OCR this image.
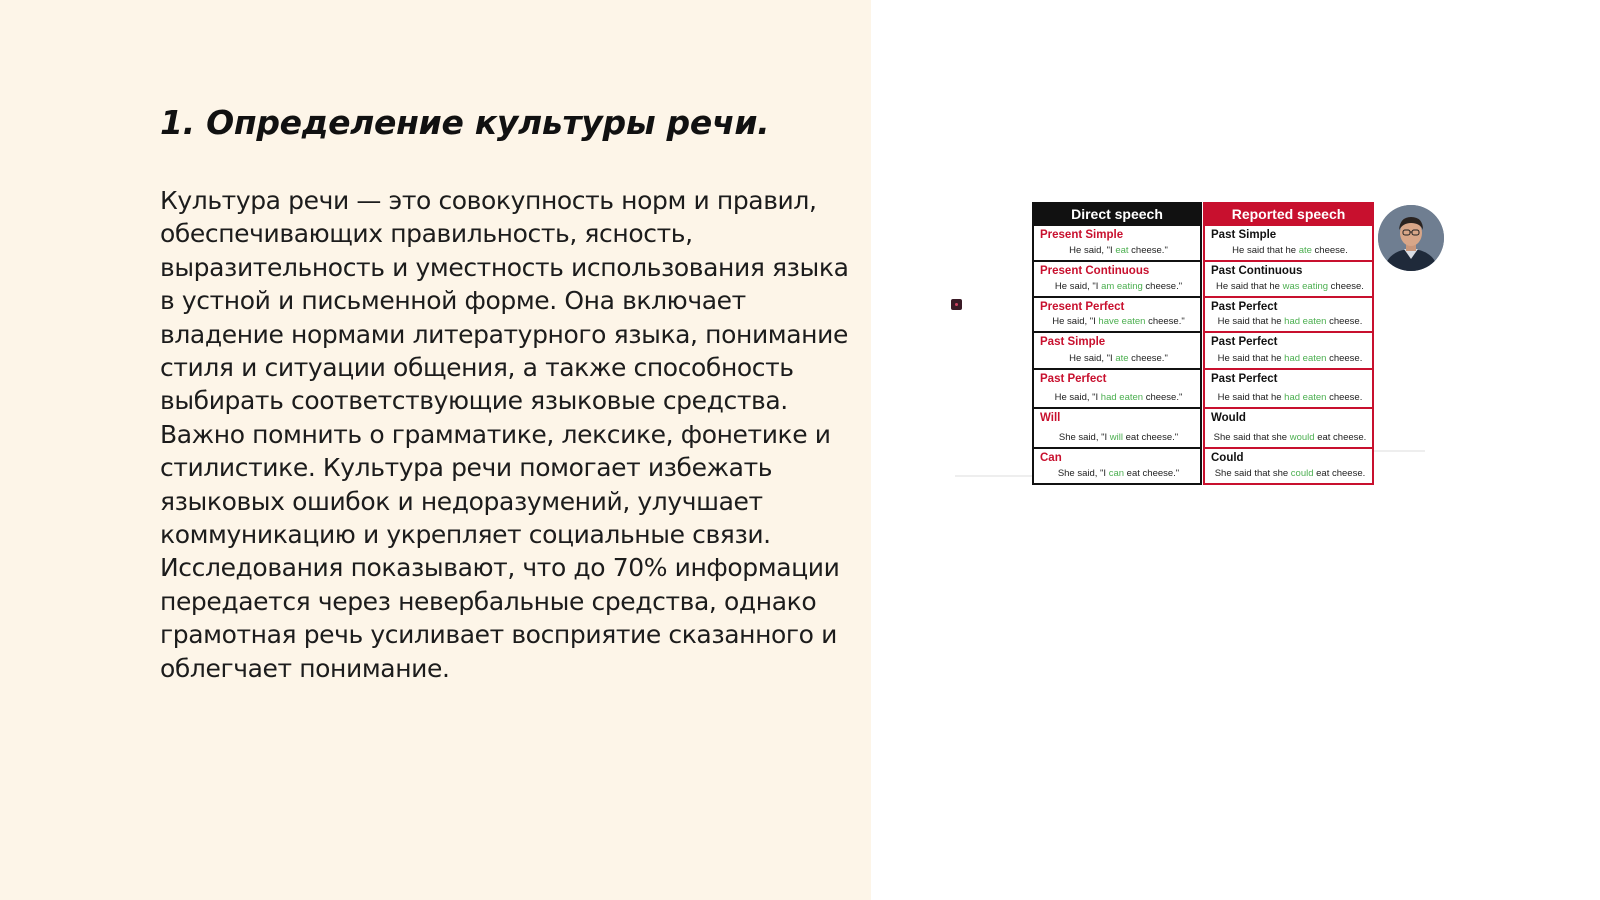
1. Определение культуры речи.

Культура речи — это совокупность норм и правил, обеспечивающих правильность, ясность, выразительность и уместность использования языка в устной и письменной форме. Она включает владение нормами литературного языка, понимание стиля и ситуации общения, а также способность выбирать соответствующие языковые средства. Важно помнить о грамматике, лексике, фонетике и стилистике. Культура речи помогает избежать языковых ошибок и недоразумений, улучшает коммуникацию и укрепляет социальные связи. Исследования показывают, что до 70% информации передается через невербальные средства, однако грамотная речь усиливает восприятие сказанного и облегчает понимание.

Direct speech
Present Simple
He said, "I eat cheese."
Present Continuous
He said, "I am eating cheese."
Present Perfect
He said, "I have eaten cheese."
Past Simple
He said, "I ate cheese."
Past Perfect
He said, "I had eaten cheese."
Will
She said, "I will eat cheese."
Can
She said, "I can eat cheese."
Reported speech
Past Simple
He said that he ate cheese.
Past Continuous
He said that he was eating cheese.
Past Perfect
He said that he had eaten cheese.
Past Perfect
He said that he had eaten cheese.
Past Perfect
He said that he had eaten cheese.
Would
She said that she would eat cheese.
Could
She said that she could eat cheese.
